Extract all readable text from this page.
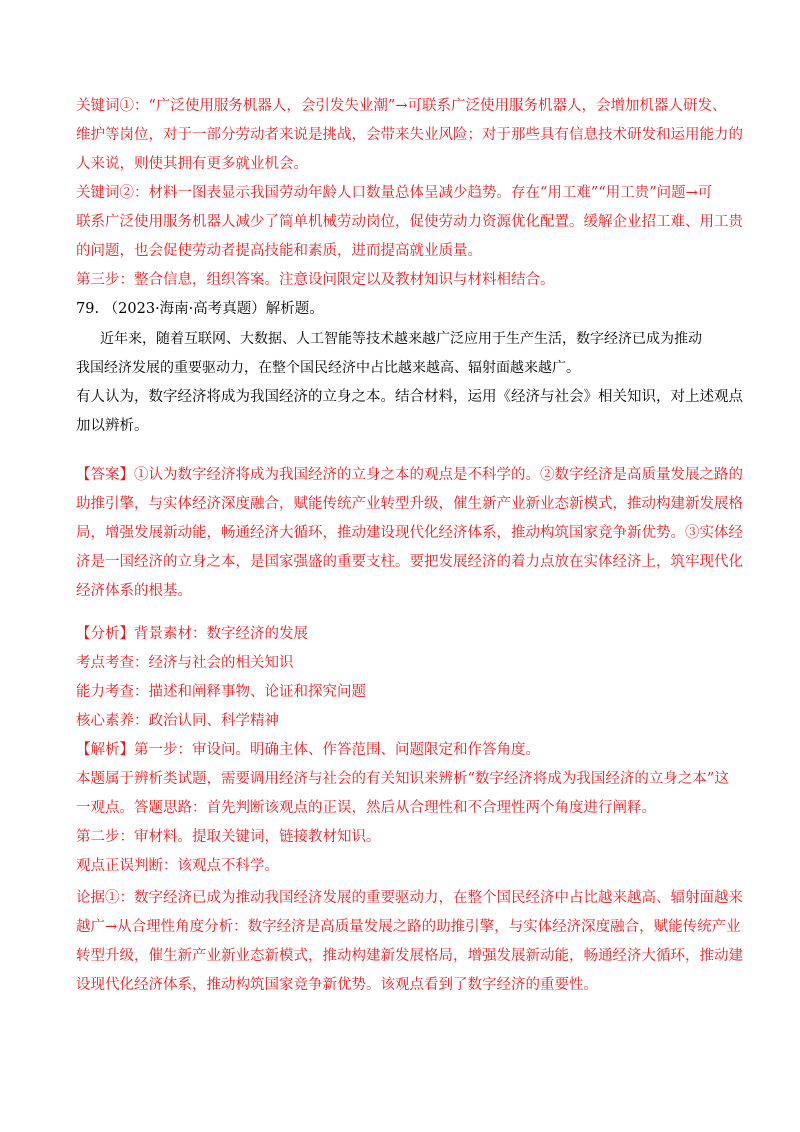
关键词①：“广泛使用服务机器人，会引发失业潮”→可联系广泛使用服务机器人，会增加机器人研发、
维护等岗位，对于一部分劳动者来说是挑战，会带来失业风险；对于那些具有信息技术研发和运用能力的
人来说，则使其拥有更多就业机会。
关键词②：材料一图表显示我国劳动年龄人口数量总体呈减少趋势。存在“用工难”“用工贵”问题→可
联系广泛使用服务机器人减少了简单机械劳动岗位，促使劳动力资源优化配置。缓解企业招工难、用工贵
的问题，也会促使劳动者提高技能和素质，进而提高就业质量。
第三步：整合信息，组织答案。注意设问限定以及教材知识与材料相结合。
79. （2023·海南·高考真题）解析题。
近年来，随着互联网、大数据、人工智能等技术越来越广泛应用于生产生活，数字经济已成为推动
我国经济发展的重要驱动力，在整个国民经济中占比越来越高、辐射面越来越广。
有人认为，数字经济将成为我国经济的立身之本。结合材料，运用《经济与社会》相关知识，对上述观点
加以辨析。
【答案】①认为数字经济将成为我国经济的立身之本的观点是不科学的。②数字经济是高质量发展之路的
助推引擎，与实体经济深度融合，赋能传统产业转型升级，催生新产业新业态新模式，推动构建新发展格
局，增强发展新动能，畅通经济大循环，推动建设现代化经济体系，推动构筑国家竞争新优势。③实体经
济是一国经济的立身之本，是国家强盛的重要支柱。要把发展经济的着力点放在实体经济上，筑牢现代化
经济体系的根基。
【分析】背景素材：数字经济的发展
考点考查：经济与社会的相关知识
能力考查：描述和阐释事物、论证和探究问题
核心素养：政治认同、科学精神
【解析】第一步：审设问。明确主体、作答范围、问题限定和作答角度。
本题属于辨析类试题，需要调用经济与社会的有关知识来辨析“数字经济将成为我国经济的立身之本”这
一观点。答题思路：首先判断该观点的正误，然后从合理性和不合理性两个角度进行阐释。
第二步：审材料。提取关键词，链接教材知识。
观点正误判断：该观点不科学。
论据①：数字经济已成为推动我国经济发展的重要驱动力，在整个国民经济中占比越来越高、辐射面越来
越广→从合理性角度分析：数字经济是高质量发展之路的助推引擎，与实体经济深度融合，赋能传统产业
转型升级，催生新产业新业态新模式，推动构建新发展格局，增强发展新动能，畅通经济大循环，推动建
设现代化经济体系，推动构筑国家竞争新优势。该观点看到了数字经济的重要性。
